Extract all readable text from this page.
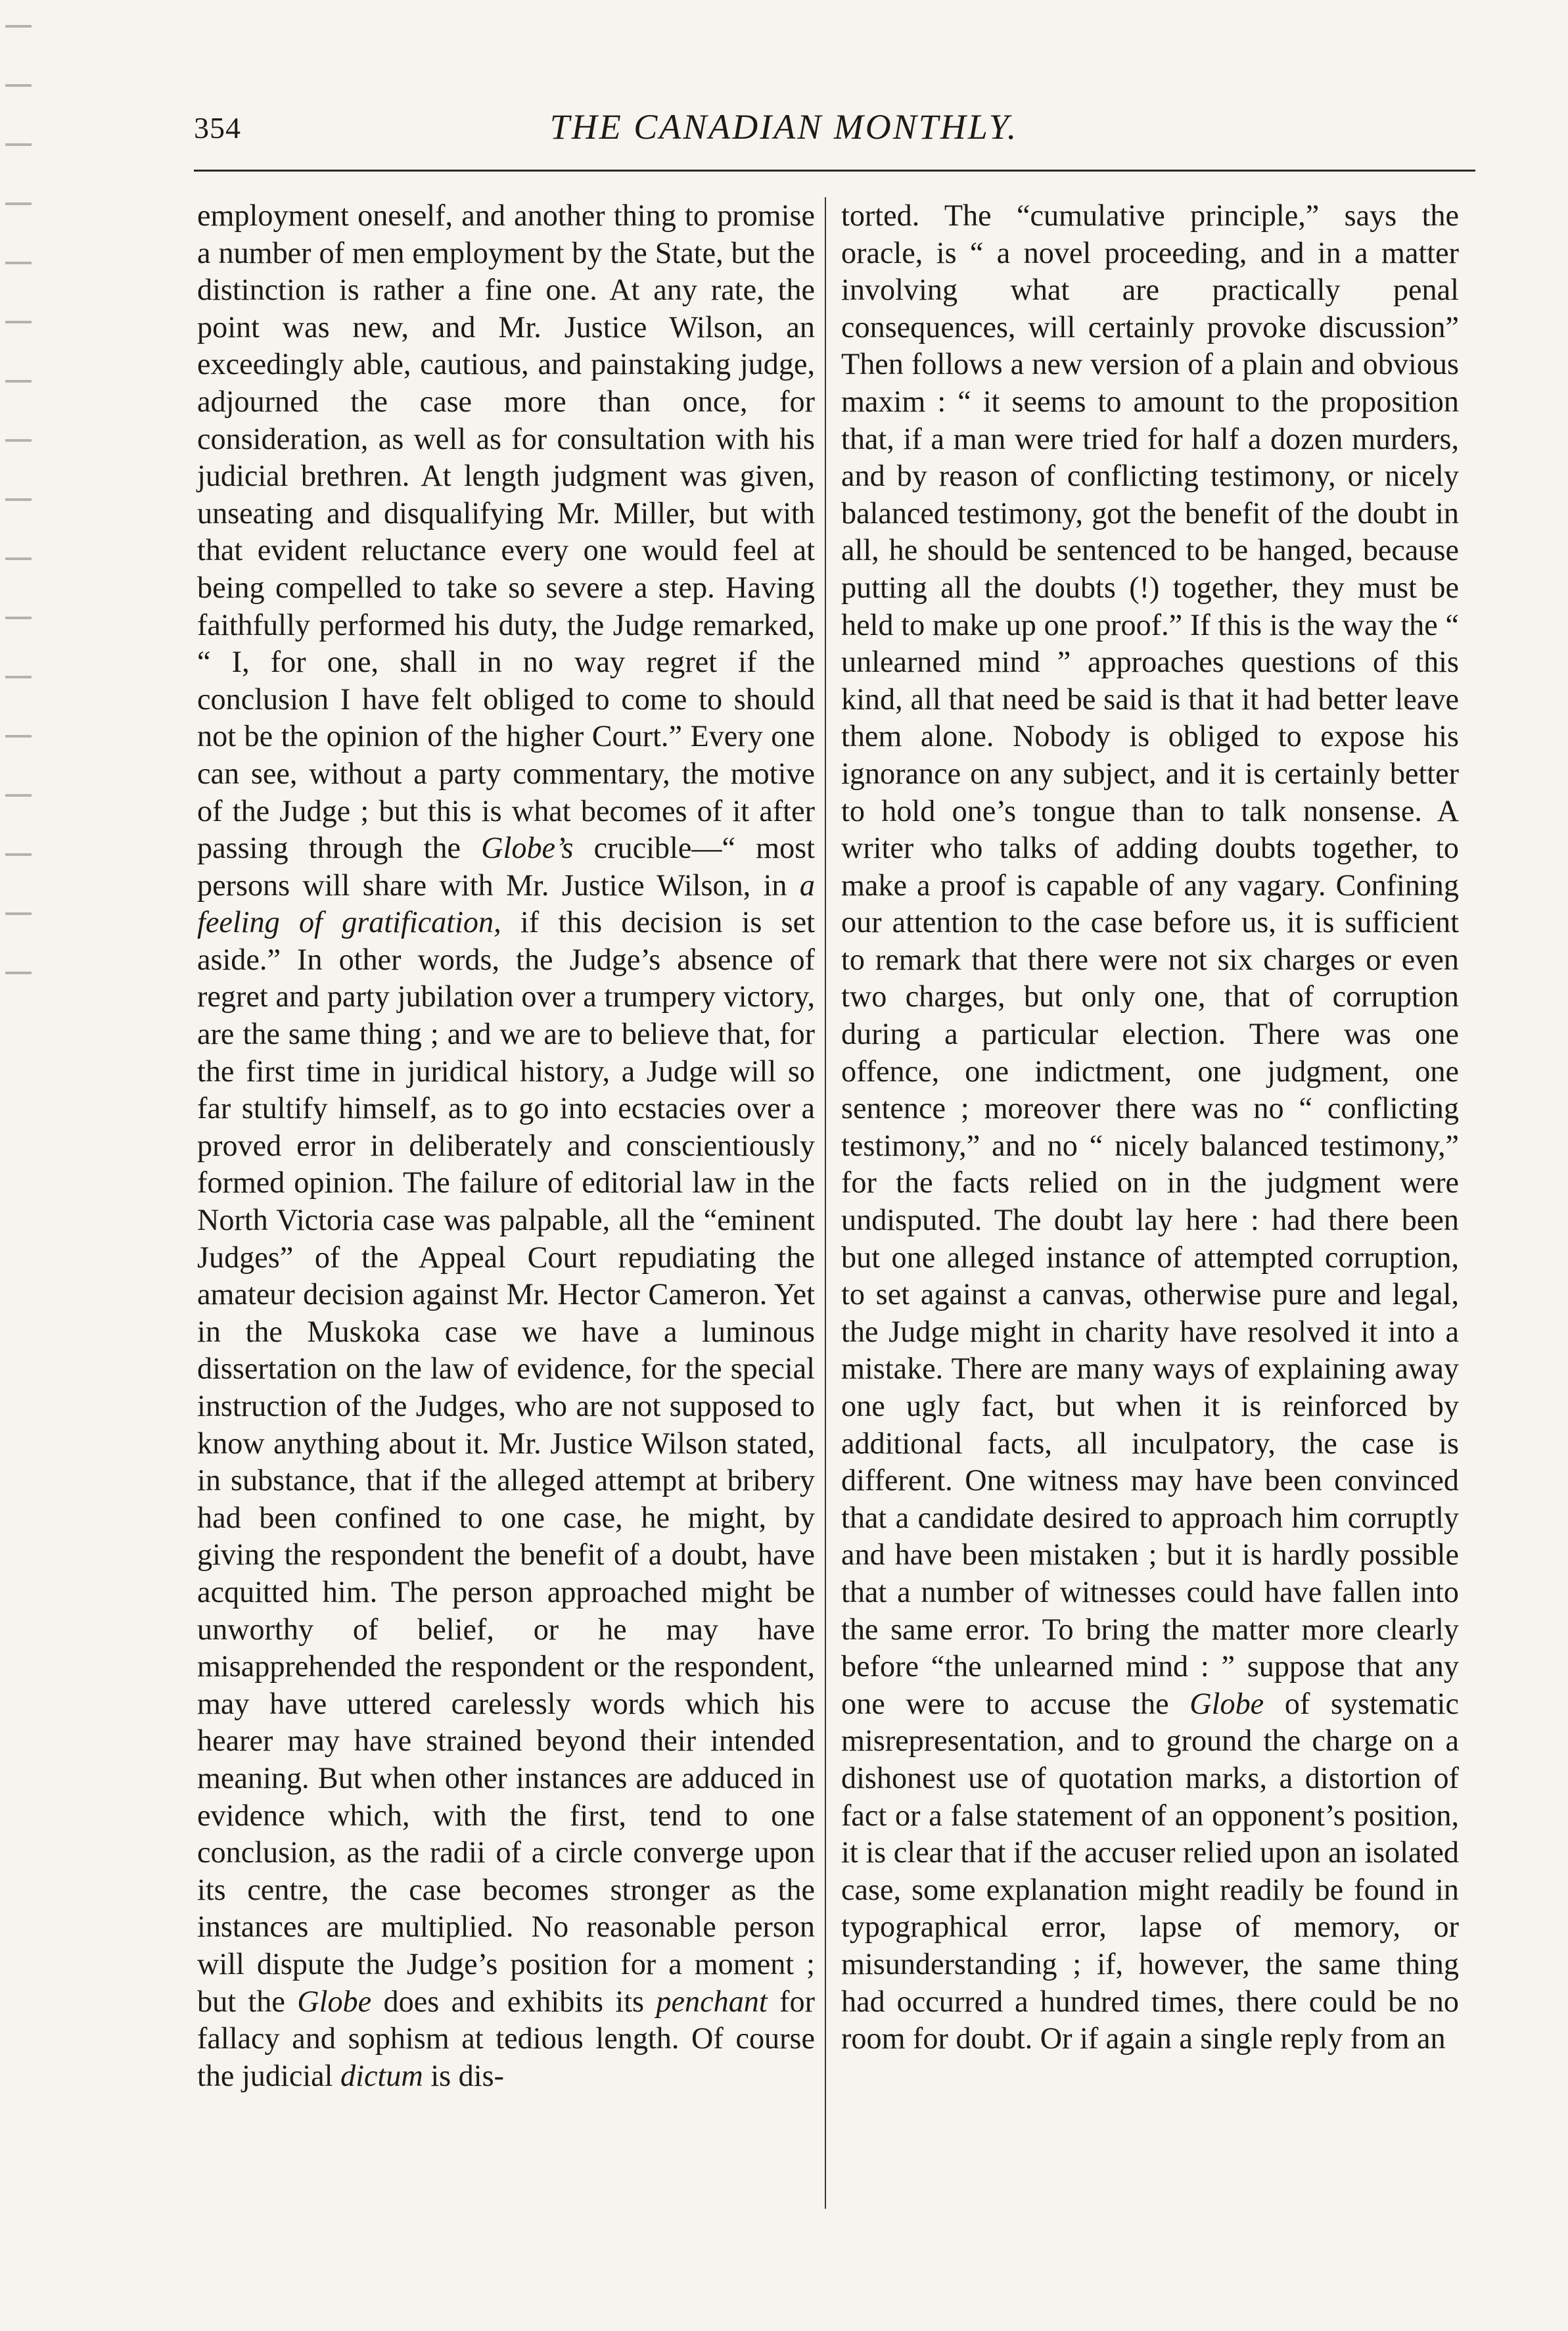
354	THE CANADIAN MONTHLY.

employment oneself, and another thing to promise a number of men employment by the State, but the distinction is rather a fine one. At any rate, the point was new, and Mr. Justice Wilson, an exceedingly able, cautious, and painstaking judge, adjourned the case more than once, for consideration, as well as for consultation with his judicial brethren. At length judgment was given, unseating and disqualifying Mr. Miller, but with that evident reluctance every one would feel at being compelled to take so severe a step. Having faithfully performed his duty, the Judge remarked, “ I, for one, shall in no way regret if the conclusion I have felt obliged to come to should not be the opinion of the higher Court.” Every one can see, without a party commentary, the motive of the Judge ; but this is what becomes of it after passing through the Globe’s crucible—“ most persons will share with Mr. Justice Wilson, in a feeling of gratification, if this decision is set aside.” In other words, the Judge’s absence of regret and party jubilation over a trumpery victory, are the same thing ; and we are to believe that, for the first time in juridical history, a Judge will so far stultify himself, as to go into ecstacies over a proved error in deliberately and conscientiously formed opinion. The failure of editorial law in the North Victoria case was palpable, all the “eminent Judges” of the Appeal Court repudiating the amateur decision against Mr. Hector Cameron. Yet in the Muskoka case we have a luminous dissertation on the law of evidence, for the special instruction of the Judges, who are not supposed to know anything about it. Mr. Justice Wilson stated, in substance, that if the alleged attempt at bribery had been confined to one case, he might, by giving the respondent the benefit of a doubt, have acquitted him. The person approached might be unworthy of belief, or he may have misapprehended the respondent or the respondent, may have uttered carelessly words which his hearer may have strained beyond their intended meaning. But when other instances are adduced in evidence which, with the first, tend to one conclusion, as the radii of a circle converge upon its centre, the case becomes stronger as the instances are multiplied. No reasonable person will dispute the Judge’s position for a moment ; but the Globe does and exhibits its penchant for fallacy and sophism at tedious length. Of course the judicial dictum is dis-

torted. The “cumulative principle,” says the oracle, is “ a novel proceeding, and in a matter involving what are practically penal consequences, will certainly provoke discussion” Then follows a new version of a plain and obvious maxim : “ it seems to amount to the proposition that, if a man were tried for half a dozen murders, and by reason of conflicting testimony, or nicely balanced testimony, got the benefit of the doubt in all, he should be sentenced to be hanged, because putting all the doubts (!) together, they must be held to make up one proof.” If this is the way the “ unlearned mind ” approaches questions of this kind, all that need be said is that it had better leave them alone. Nobody is obliged to expose his ignorance on any subject, and it is certainly better to hold one’s tongue than to talk nonsense. A writer who talks of adding doubts together, to make a proof is capable of any vagary. Confining our attention to the case before us, it is sufficient to remark that there were not six charges or even two charges, but only one, that of corruption during a particular election. There was one offence, one indictment, one judgment, one sentence ; moreover there was no “ conflicting testimony,” and no “ nicely balanced testimony,” for the facts relied on in the judgment were undisputed. The doubt lay here : had there been but one alleged instance of attempted corruption, to set against a canvas, otherwise pure and legal, the Judge might in charity have resolved it into a mistake. There are many ways of explaining away one ugly fact, but when it is reinforced by additional facts, all inculpatory, the case is different. One witness may have been convinced that a candidate desired to approach him corruptly and have been mistaken ; but it is hardly possible that a number of witnesses could have fallen into the same error. To bring the matter more clearly before “the unlearned mind : ” suppose that any one were to accuse the Globe of systematic misrepresentation, and to ground the charge on a dishonest use of quotation marks, a distortion of fact or a false statement of an opponent’s position, it is clear that if the accuser relied upon an isolated case, some explanation might readily be found in typographical error, lapse of memory, or misunderstanding ; if, however, the same thing had occurred a hundred times, there could be no room for doubt. Or if again a single reply from an
